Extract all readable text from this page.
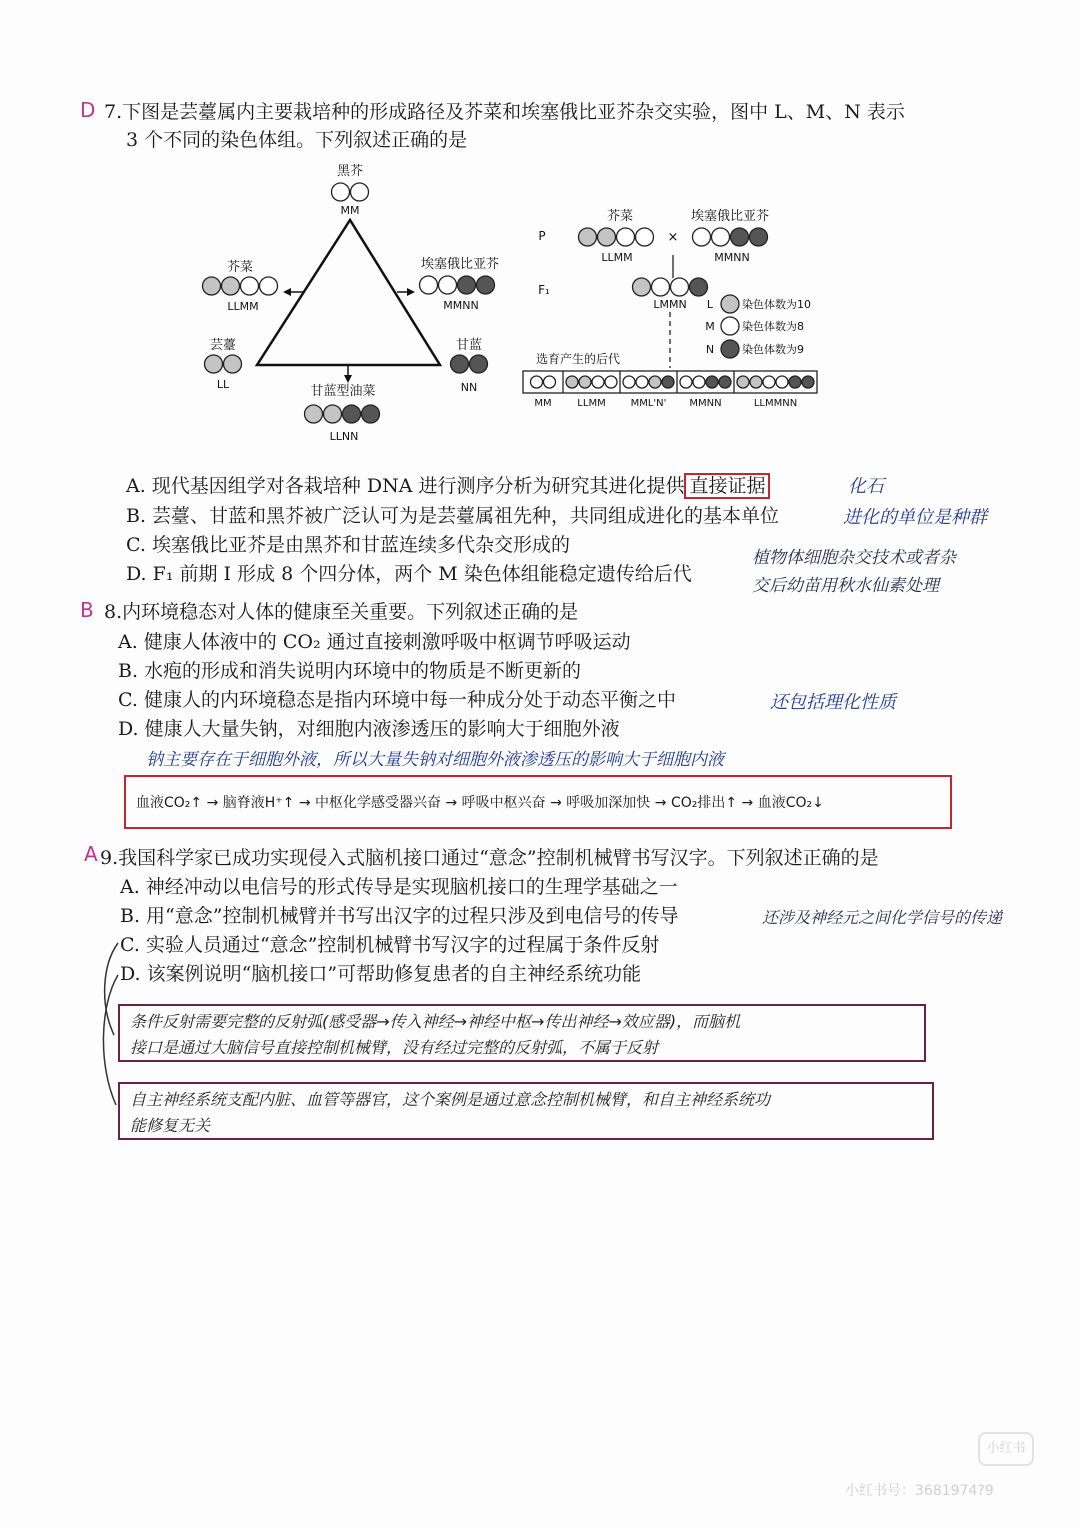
D 7.下图是芸薹属内主要栽培种的形成路径及芥菜和埃塞俄比亚芥杂交实验，图中 L、M、N 表示
3 个不同的染色体组。下列叙述正确的是
黑芥
MM
芥菜
LLMM
埃塞俄比亚芥
MMNN
芸薹
LL
甘蓝
NN
甘蓝型油菜
LLNN
P
芥菜
LLMM
×
埃塞俄比亚芥
MMNN
F₁
LMMN L	染色体数为10
M 染色体数为8
N	染色体数为9
选育产生的后代
MM	LLMM MML'N' MMNN	LLMMNN
A. 现代基因组学对各栽培种 DNA 进行测序分析为研究其进化提供 直接证据	化石
B. 芸薹、甘蓝和黑芥被广泛认可为是芸薹属祖先种，共同组成进化的基本单位	进化的单位是种群
C. 埃塞俄比亚芥是由黑芥和甘蓝连续多代杂交形成的
D. F₁ 前期 I 形成 8 个四分体，两个 M 染色体组能稳定遗传给后代
植物体细胞杂交技术或者杂
交后幼苗用秋水仙素处理
B 8.内环境稳态对人体的健康至关重要。下列叙述正确的是
A. 健康人体液中的 CO₂ 通过直接刺激呼吸中枢调节呼吸运动
B. 水疱的形成和消失说明内环境中的物质是不断更新的
C. 健康人的内环境稳态是指内环境中每一种成分处于动态平衡之中	还包括理化性质
D. 健康人大量失钠，对细胞内液渗透压的影响大于细胞外液
钠主要存在于细胞外液，所以大量失钠对细胞外液渗透压的影响大于细胞内液
血液CO₂↑ → 脑脊液H⁺↑ → 中枢化学感受器兴奋 → 呼吸中枢兴奋 → 呼吸加深加快 → CO₂排出↑ → 血液CO₂↓
A 9.我国科学家已成功实现侵入式脑机接口通过“意念”控制机械臂书写汉字。下列叙述正确的是
A. 神经冲动以电信号的形式传导是实现脑机接口的生理学基础之一
B. 用“意念”控制机械臂并书写出汉字的过程只涉及到电信号的传导	还涉及神经元之间化学信号的传递
C. 实验人员通过“意念”控制机械臂书写汉字的过程属于条件反射
D. 该案例说明“脑机接口”可帮助修复患者的自主神经系统功能
条件反射需要完整的反射弧(感受器→传入神经→神经中枢→传出神经→效应器)，而脑机
接口是通过大脑信号直接控制机械臂，没有经过完整的反射弧，不属于反射
自主神经系统支配内脏、血管等器官，这个案例是通过意念控制机械臂，和自主神经系统功
能修复无关
小红书
小红书号：3681974?9
